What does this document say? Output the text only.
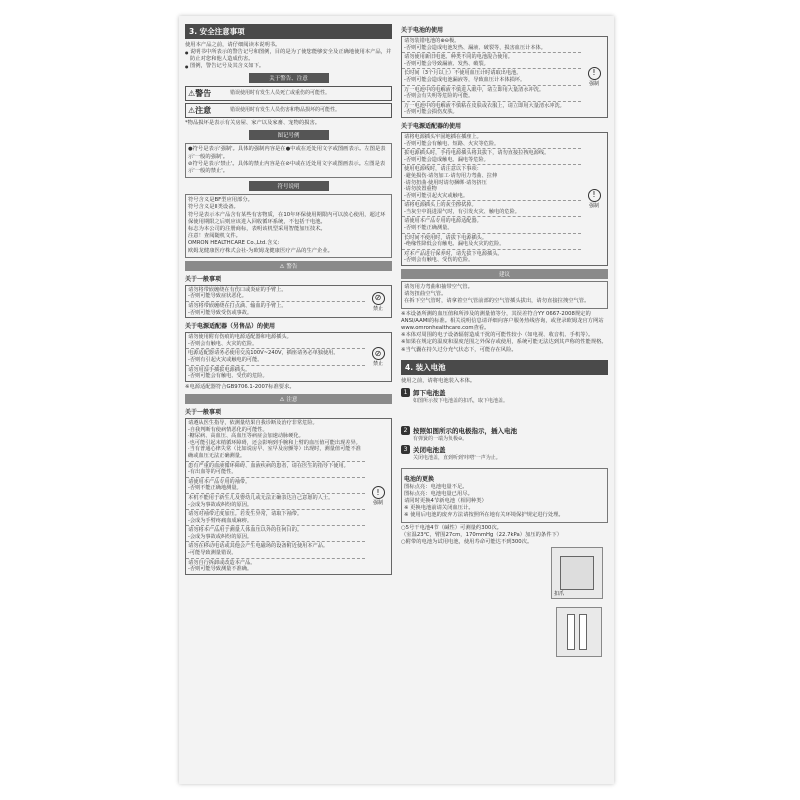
3. 安全注意事项
使用本产品之前，请仔细阅读本说明书。
● 说明书中所表示的警告记号和图例，目的是为了使您能够安全及正确地使用本产品，并防止对您和他人造成伤害。
● 图例，警告记号及其含义如下。
关于警告、注意
⚠警告	错误使用时有发生人员死亡或重伤的可能性。
⚠注意	错误使用时有发生人员伤害和物品损坏的可能性。
*物品损坏是表示有关房屋、家产以及家畜、宠物的损害。
图记号例
●符号是表示'强制'。具体的强制内容是在●中或在近处用文字或图画表示。左图是表示'一般的强制'。
⊘符号是表示'禁止'。具体的禁止内容是在⊘中或在近处用文字或图画表示。左图是表示'一般的禁止'。
符号说明
符号含义是BF型应用部分。
符号含义是II类设备。
符号是表示本产品含有某些有害物质，在10年环保使用期限内可以放心使用，超过环保使用期限之后则应该进入回收循环系统，不包括干电池。
标志为本公司的注册商标，表明该机型采用智能加压技术。
注意！查阅随机文件。
OMRON HEALTHCARE Co.,Ltd.含义:
欧姆龙健康医疗株式会社-为欧姆龙健康医疗产品的生产企业。
⚠ 警告
关于一般事项
请勿将带嵌缠绕在有伤口或炎症的手臂上。
-否则可能导致症状恶化。
请勿将带嵌缠绕在打点滴、输血的手臂上。
-否则可能导致受伤或事故。
⊘
禁止
关于电源适配器（另售品）的使用
请勿使用附有伤痕的电源适配器和电源插头。
-否则会有触电、火灾的危险。
电源适配器请务必使用交流100V~240V，插座请务必单独使用。
-否则有引起火灾或触电的可能。
请勿用湿手插拔电源插头。
-否则可能会有触电、受伤的危险。
⊘
禁止
※电源适配器符合GB9706.1-2007标准要求。
⚠ 注意
关于一般事项
请遵从医生指导，依测量结果自我诊断及治疗非常危险。
-自我判断有使病情恶化的可能性。
·糖尿病、高血压、高血压等病症会加速动脉硬化。
·也可能引起末梢循环障碍，还会影响到手腕和上臂的血压值可能出现差异。
·当有普通心律失常（比如说房早、室早及房颤等）出现时，测量值可能不准确或血压无法正确测量。
患有严重的血液循环障碍、血液疾病的患者，请在医生的指导下使用。
-有出血等的可能性。
请使用本产品专用的袖带。
-否则不能正确地测量。
本机不能用于新生儿及婴幼儿或无法正确表达自己意愿的人士。
-会成为事故或纠纷的原因。
请勿对袖带过度加压。若发生异常，请取下袖带。
-会成为手臂疼痛血成麻痹。
请勿将本产品用于测量人体血压以外的任何目的。
-会成为事故或纠纷的原因。
请勿在移动电话或其他会产生电磁场的设备附近使用本产品。
-可能导致测量错误。
请勿自行拆卸或改造本产品。
-否则可能导致测量不准确。
!
强制
关于电池的使用
请勿装错电池的⊕⊖极。
-否则可能会造成电池发热、漏液、破裂等，损害血压计本体。
请勿使用新旧电池、种类不同的电池混合使用。
-否则可能会导致漏液、发热、破裂。
长时间（3个月以上）不使用血压计时请取出电池。
-否则可能会造成电池漏液等，导致血压计本体损坏。
万一电池中的电解液不慎进入眼中，请立即用大量清水冲洗。
-否则会有失明等危险的可能。
万一电池中的电解液不慎粘在皮肤或衣服上，请立即用大量清水冲洗。
-否则可能会损伤皮肤。
!
强制
关于电源适配器的使用
请将电源插头牢固地插在插座上。
-否则可能会有触电、短路、火灾等危险。
拔电源插头时，手持电源插头将其拔下，请勿直接拉拽电源线。
-否则可能会造成触电、漏电等危险。
使用电源线时，请注意以下事项：
·避免损伤·请勿加工·请勿用力弯曲、拉伸
·请勿扭曲·使用时请勿捆绑·请勿挤压
·请勿放置重物
-否则可能引起火灾或触电。
请将电源插头上的灰尘擦拭掉。
-当灰尘中混进湿气时，有引发火灾、触电的危险。
请使用本产品专用的电源适配器。
-否则不能正确测量。
长时间不使用时，请拔下电源插头。
-绝缘性降低会有触电、漏电及火灾的危险。
对本产品进行保养时，请先拔下电源插头。
-否则会有触电、受伤的危险。
!
强制
建议
请勿用力弯曲和抽带空气管。
请勿扭曲空气管。
在拆下空气管时，请拿着空气管前部的空气管插头拔出，请勿直接拉拽空气管。
※本设备所测的血压值和所涉及的测量值等分，其误差符合YY 0667-2008规定的ANSI/AAMI的标准。相关说明信息请详细向客户服务热线咨询，或登录欧姆龙官方网站www.omronhealthcare.com查看。
※本体对周围的电子设备辐射造成干扰的可能性较小（如电视、收音机、手机等）。
※如果在规定的温度和湿度范围之外保存或使用，系统可能无法达到其声称的性能规格。
※当气囊在持久过分充气状态下，可能存在风险。
4. 装入电池
使用之前，请将电池装入本体。
1 卸下电池盖
如图所示按下电池盖的扣爪，取下电池盖。
2 按照如图所示的电极指示，插入电池
有弹簧的一端为负极⊖。
3 关闭电池盖
关闭电池盖，直到听到'咔嗒'一声为止。
扣爪
电池的更换
图标点亮：电池电量不足。
图标点亮：电池电量已用尽。
请同时更换4节新电池（相同种类）
※ 更换电池前请关闭血压计。
※ 使用后电池的废弃方法请按照所在地有关环境保护规定进行处理。
○5号干电池4节（碱性）可测量约300次。
（室温23℃，臂围27cm，170mmHg（22.7kPa）加压的条件下）
○附带的电池为试用电池，使用寿命可能达不到300次。
